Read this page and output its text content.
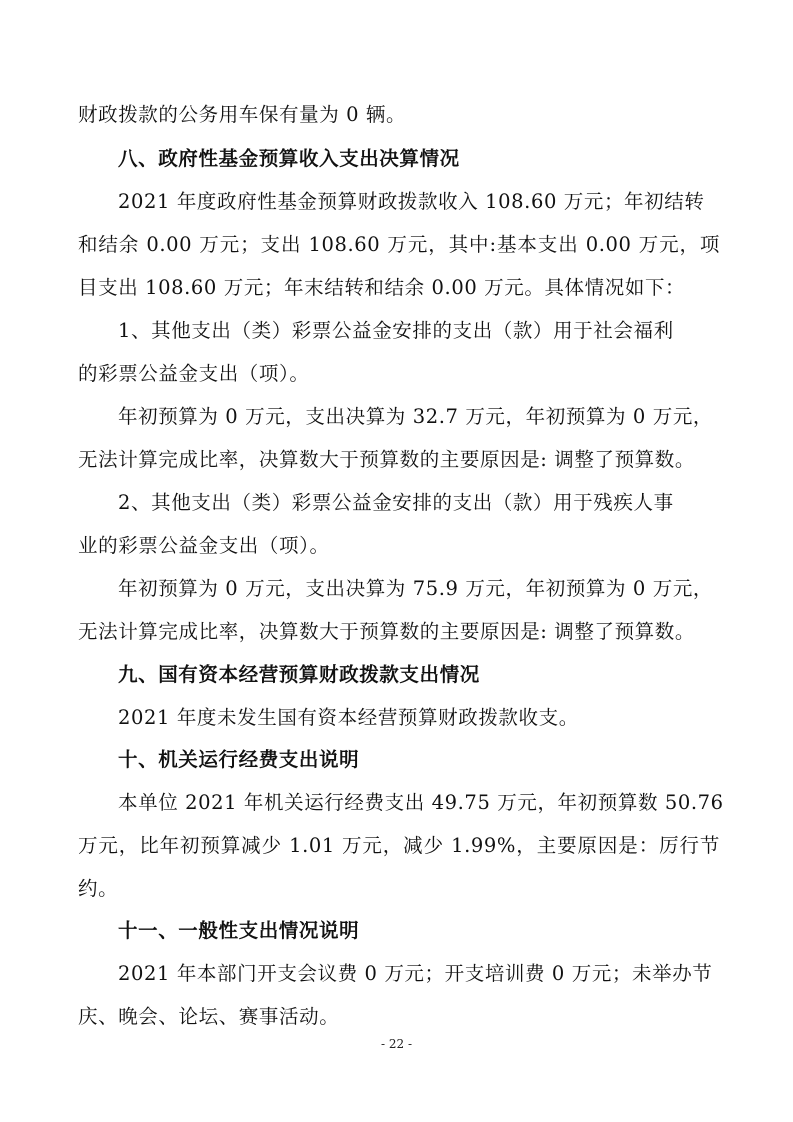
财政拨款的公务用车保有量为 0 辆。
八、政府性基金预算收入支出决算情况
2021 年度政府性基金预算财政拨款收入 108.60 万元；年初结转
和结余 0.00 万元；支出 108.60 万元，其中:基本支出 0.00 万元，项
目支出 108.60 万元；年末结转和结余 0.00 万元。具体情况如下：
1、其他支出（类）彩票公益金安排的支出（款）用于社会福利
的彩票公益金支出（项）。
年初预算为 0 万元，支出决算为 32.7 万元，年初预算为 0 万元，
无法计算完成比率，决算数大于预算数的主要原因是: 调整了预算数。
2、其他支出（类）彩票公益金安排的支出（款）用于残疾人事
业的彩票公益金支出（项）。
年初预算为 0 万元，支出决算为 75.9 万元，年初预算为 0 万元，
无法计算完成比率，决算数大于预算数的主要原因是: 调整了预算数。
九、国有资本经营预算财政拨款支出情况
2021 年度未发生国有资本经营预算财政拨款收支。
十、机关运行经费支出说明
本单位 2021 年机关运行经费支出 49.75 万元，年初预算数 50.76
万元，比年初预算减少 1.01 万元，减少 1.99%，主要原因是：厉行节
约。
十一、一般性支出情况说明
2021 年本部门开支会议费 0 万元；开支培训费 0 万元；未举办节
庆、晚会、论坛、赛事活动。
- 22 -
